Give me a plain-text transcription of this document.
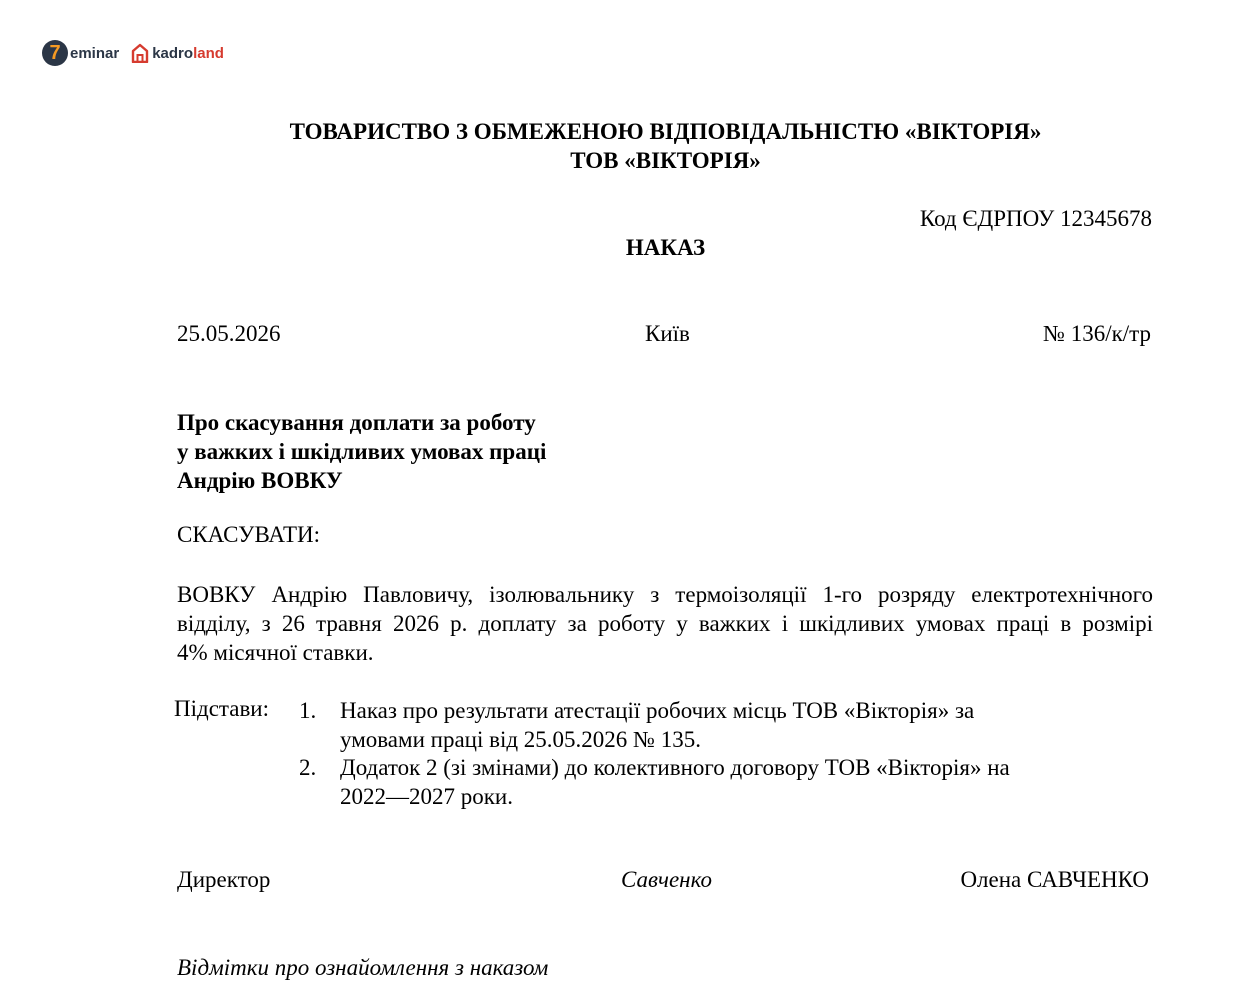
7 eminar kadroland
ТОВАРИСТВО З ОБМЕЖЕНОЮ ВІДПОВІДАЛЬНІСТЮ «ВІКТОРІЯ»
ТОВ «ВІКТОРІЯ»
Код ЄДРПОУ 12345678
НАКАЗ
25.05.2026	Київ	№ 136/к/тр
Про скасування доплати за роботу
у важких і шкідливих умовах праці
Андрію ВОВКУ
СКАСУВАТИ:
ВОВКУ Андрію Павловичу, ізолювальнику з термоізоляції 1-го розряду електротехнічного
відділу, з 26 травня 2026 р. доплату за роботу у важких і шкідливих умовах праці в розмірі
4% місячної ставки.
Підстави: 1. Наказ про результати атестації робочих місць ТОВ «Вікторія» за
умовами праці від 25.05.2026 № 135.
2. Додаток 2 (зі змінами) до колективного договору ТОВ «Вікторія» на
2022—2027 роки.
Директор	Савченко	Олена САВЧЕНКО
Відмітки про ознайомлення з наказом
